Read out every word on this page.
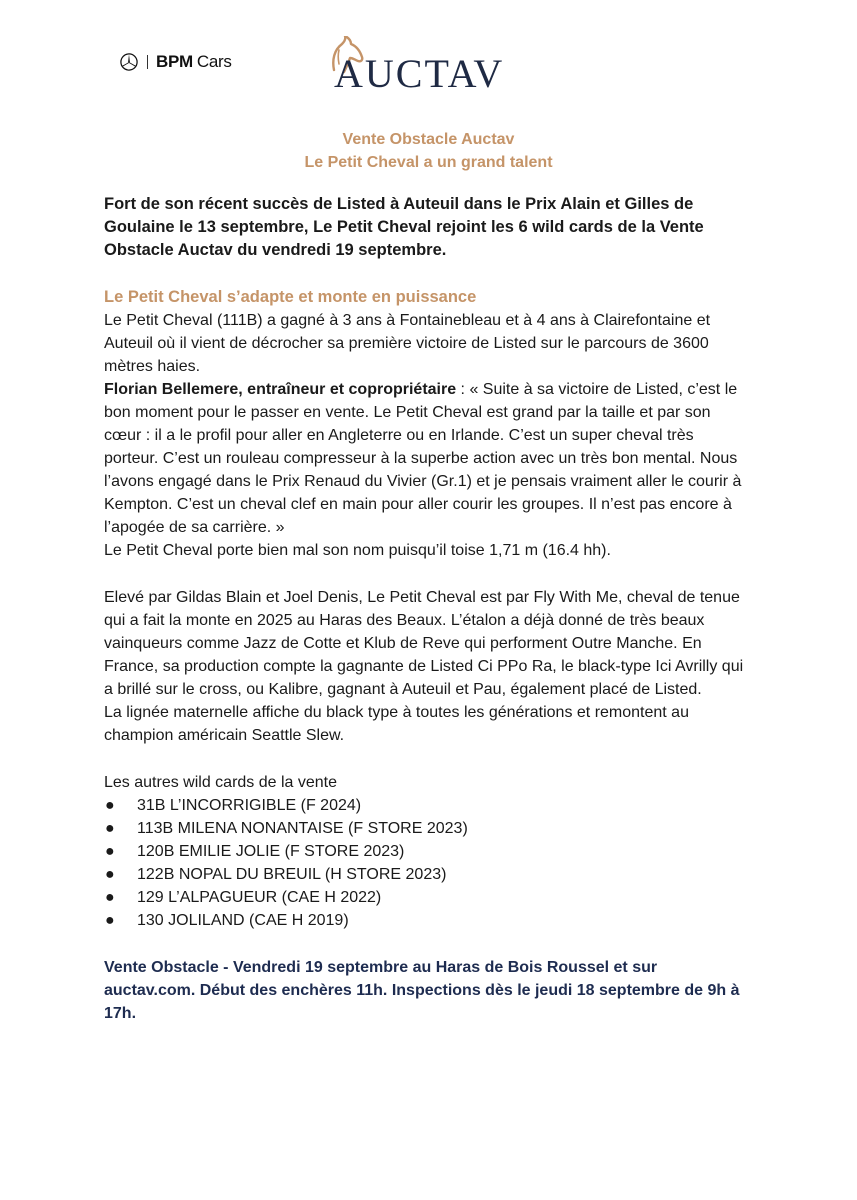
BPM Cars	AUCTAV
Vente Obstacle Auctav
Le Petit Cheval a un grand talent

Fort de son récent succès de Listed à Auteuil dans le Prix Alain et Gilles de Goulaine le 13 septembre, Le Petit Cheval rejoint les 6 wild cards de la Vente Obstacle Auctav du vendredi 19 septembre.

Le Petit Cheval s’adapte et monte en puissance

Le Petit Cheval (111B) a gagné à 3 ans à Fontainebleau et à 4 ans à Clairefontaine et Auteuil où il vient de décrocher sa première victoire de Listed sur le parcours de 3600 mètres haies.

Florian Bellemere, entraîneur et copropriétaire : « Suite à sa victoire de Listed, c’est le bon moment pour le passer en vente. Le Petit Cheval est grand par la taille et par son cœur : il a le profil pour aller en Angleterre ou en Irlande. C’est un super cheval très porteur. C’est un rouleau compresseur à la superbe action avec un très bon mental. Nous l’avons engagé dans le Prix Renaud du Vivier (Gr.1) et je pensais vraiment aller le courir à Kempton. C’est un cheval clef en main pour aller courir les groupes. Il n’est pas encore à l’apogée de sa carrière. »

Le Petit Cheval porte bien mal son nom puisqu’il toise 1,71 m (16.4 hh).

Elevé par Gildas Blain et Joel Denis, Le Petit Cheval est par Fly With Me, cheval de tenue qui a fait la monte en 2025 au Haras des Beaux. L’étalon a déjà donné de très beaux vainqueurs comme Jazz de Cotte et Klub de Reve qui performent Outre Manche. En France, sa production compte la gagnante de Listed Ci PPo Ra, le black-type Ici Avrilly qui a brillé sur le cross, ou Kalibre, gagnant à Auteuil et Pau, également placé de Listed.

La lignée maternelle affiche du black type à toutes les générations et remontent au champion américain Seattle Slew.

Les autres wild cards de la vente

● 31B L’INCORRIGIBLE (F 2024)
● 113B MILENA NONANTAISE (F STORE 2023)
● 120B EMILIE JOLIE (F STORE 2023)
● 122B NOPAL DU BREUIL (H STORE 2023)
● 129 L’ALPAGUEUR (CAE H 2022)
● 130 JOLILAND (CAE H 2019)

Vente Obstacle - Vendredi 19 septembre au Haras de Bois Roussel et sur auctav.com. Début des enchères 11h. Inspections dès le jeudi 18 septembre de 9h à 17h.
